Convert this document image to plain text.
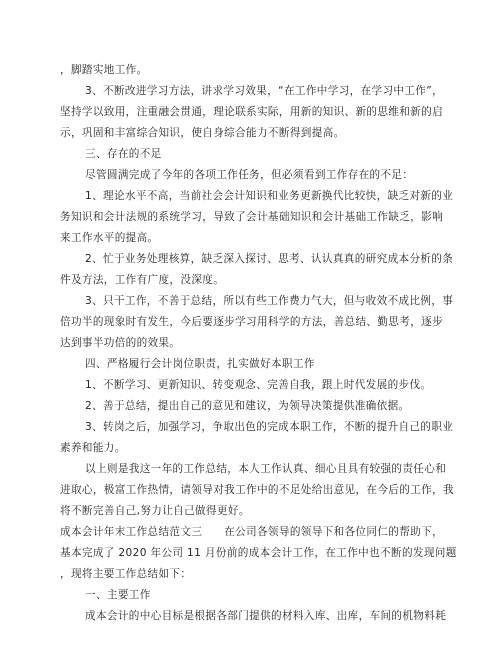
，脚踏实地工作。
3、不断改进学习方法，讲求学习效果，“在工作中学习，在学习中工作”，
坚持学以致用，注重融会贯通，理论联系实际，用新的知识、新的思维和新的启
示，巩固和丰富综合知识，使自身综合能力不断得到提高。
三、存在的不足
尽管圆满完成了今年的各项工作任务，但必须看到工作存在的不足：
1、理论水平不高，当前社会会计知识和业务更新换代比较快，缺乏对新的业
务知识和会计法规的系统学习，导致了会计基础知识和会计基础工作缺乏，影响
来工作水平的提高。
2、忙于业务处理核算，缺乏深入探讨、思考、认认真真的研究成本分析的条
件及方法，工作有广度，没深度。
3、只干工作，不善于总结，所以有些工作费力气大，但与收效不成比例，事
倍功半的现象时有发生，今后要逐步学习用科学的方法，善总结、勤思考，逐步
达到事半功倍的的效果。
四、严格履行会计岗位职责，扎实做好本职工作
1、不断学习、更新知识、转变观念、完善自我，跟上时代发展的步伐。
2、善于总结，提出自己的意见和建议，为领导决策提供准确依据。
3、转岗之后，加强学习，争取出色的完成本职工作，不断的提升自己的职业
素养和能力。
以上则是我这一年的工作总结，本人工作认真、细心且具有较强的责任心和
进取心，极富工作热情，请领导对我工作中的不足处给出意见，在今后的工作，我
将不断完善自己,努力让自己做得更好。
成本会计年末工作总结范文三　　在公司各领导的领导下和各位同仁的帮助下，
基本完成了 2020 年公司 11 月份前的成本会计工作，在工作中也不断的发现问题
，现将主要工作总结如下：
一、主要工作
成本会计的中心目标是根据各部门提供的材料入库、出库，车间的机物料耗
